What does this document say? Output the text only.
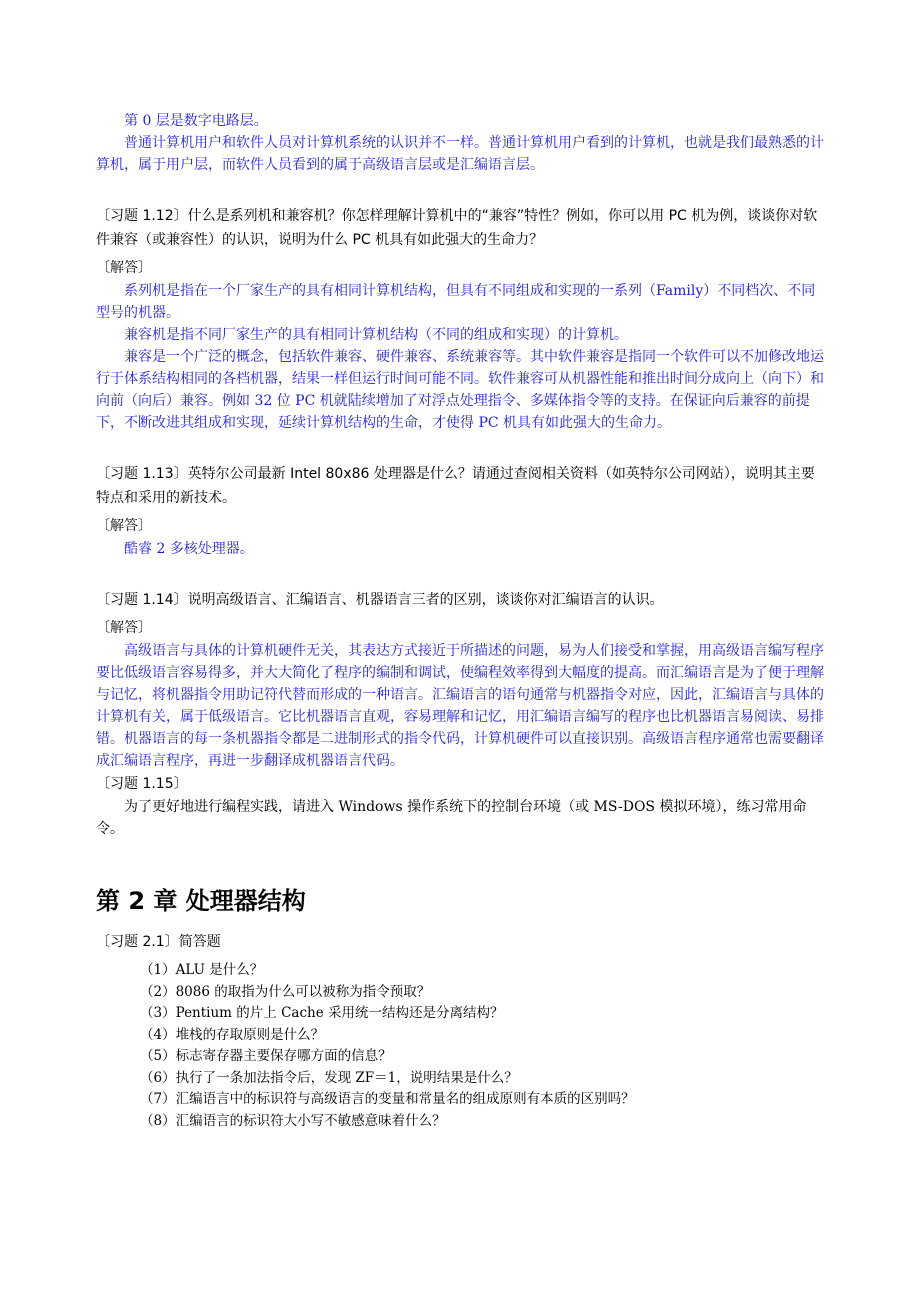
第 0 层是数字电路层。

普通计算机用户和软件人员对计算机系统的认识并不一样。普通计算机用户看到的计算机，也就是我们最熟悉的计算机，属于用户层，而软件人员看到的属于高级语言层或是汇编语言层。

〔习题 1.12〕什么是系列机和兼容机？你怎样理解计算机中的“兼容”特性？例如，你可以用 PC 机为例，谈谈你对软件兼容（或兼容性）的认识，说明为什么 PC 机具有如此强大的生命力？

〔解答〕

系列机是指在一个厂家生产的具有相同计算机结构，但具有不同组成和实现的一系列（Family）不同档次、不同型号的机器。

兼容机是指不同厂家生产的具有相同计算机结构（不同的组成和实现）的计算机。

兼容是一个广泛的概念，包括软件兼容、硬件兼容、系统兼容等。其中软件兼容是指同一个软件可以不加修改地运行于体系结构相同的各档机器，结果一样但运行时间可能不同。软件兼容可从机器性能和推出时间分成向上（向下）和向前（向后）兼容。例如 32 位 PC 机就陆续增加了对浮点处理指令、多媒体指令等的支持。在保证向后兼容的前提下，不断改进其组成和实现，延续计算机结构的生命，才使得 PC 机具有如此强大的生命力。

〔习题 1.13〕英特尔公司最新 Intel 80x86 处理器是什么？请通过查阅相关资料（如英特尔公司网站），说明其主要特点和采用的新技术。

〔解答〕

酷睿 2 多核处理器。

〔习题 1.14〕说明高级语言、汇编语言、机器语言三者的区别，谈谈你对汇编语言的认识。

〔解答〕

高级语言与具体的计算机硬件无关，其表达方式接近于所描述的问题，易为人们接受和掌握，用高级语言编写程序要比低级语言容易得多，并大大简化了程序的编制和调试，使编程效率得到大幅度的提高。而汇编语言是为了便于理解与记忆，将机器指令用助记符代替而形成的一种语言。汇编语言的语句通常与机器指令对应，因此，汇编语言与具体的计算机有关，属于低级语言。它比机器语言直观，容易理解和记忆，用汇编语言编写的程序也比机器语言易阅读、易排错。机器语言的每一条机器指令都是二进制形式的指令代码，计算机硬件可以直接识别。高级语言程序通常也需要翻译成汇编语言程序，再进一步翻译成机器语言代码。

〔习题 1.15〕

为了更好地进行编程实践，请进入 Windows 操作系统下的控制台环境（或 MS-DOS 模拟环境），练习常用命令。

第 2 章 处理器结构

〔习题 2.1〕简答题

（1）ALU 是什么？
（2）8086 的取指为什么可以被称为指令预取？
（3）Pentium 的片上 Cache 采用统一结构还是分离结构？
（4）堆栈的存取原则是什么？
（5）标志寄存器主要保存哪方面的信息？
（6）执行了一条加法指令后，发现 ZF＝1，说明结果是什么？
（7）汇编语言中的标识符与高级语言的变量和常量名的组成原则有本质的区别吗？
（8）汇编语言的标识符大小写不敏感意味着什么？
